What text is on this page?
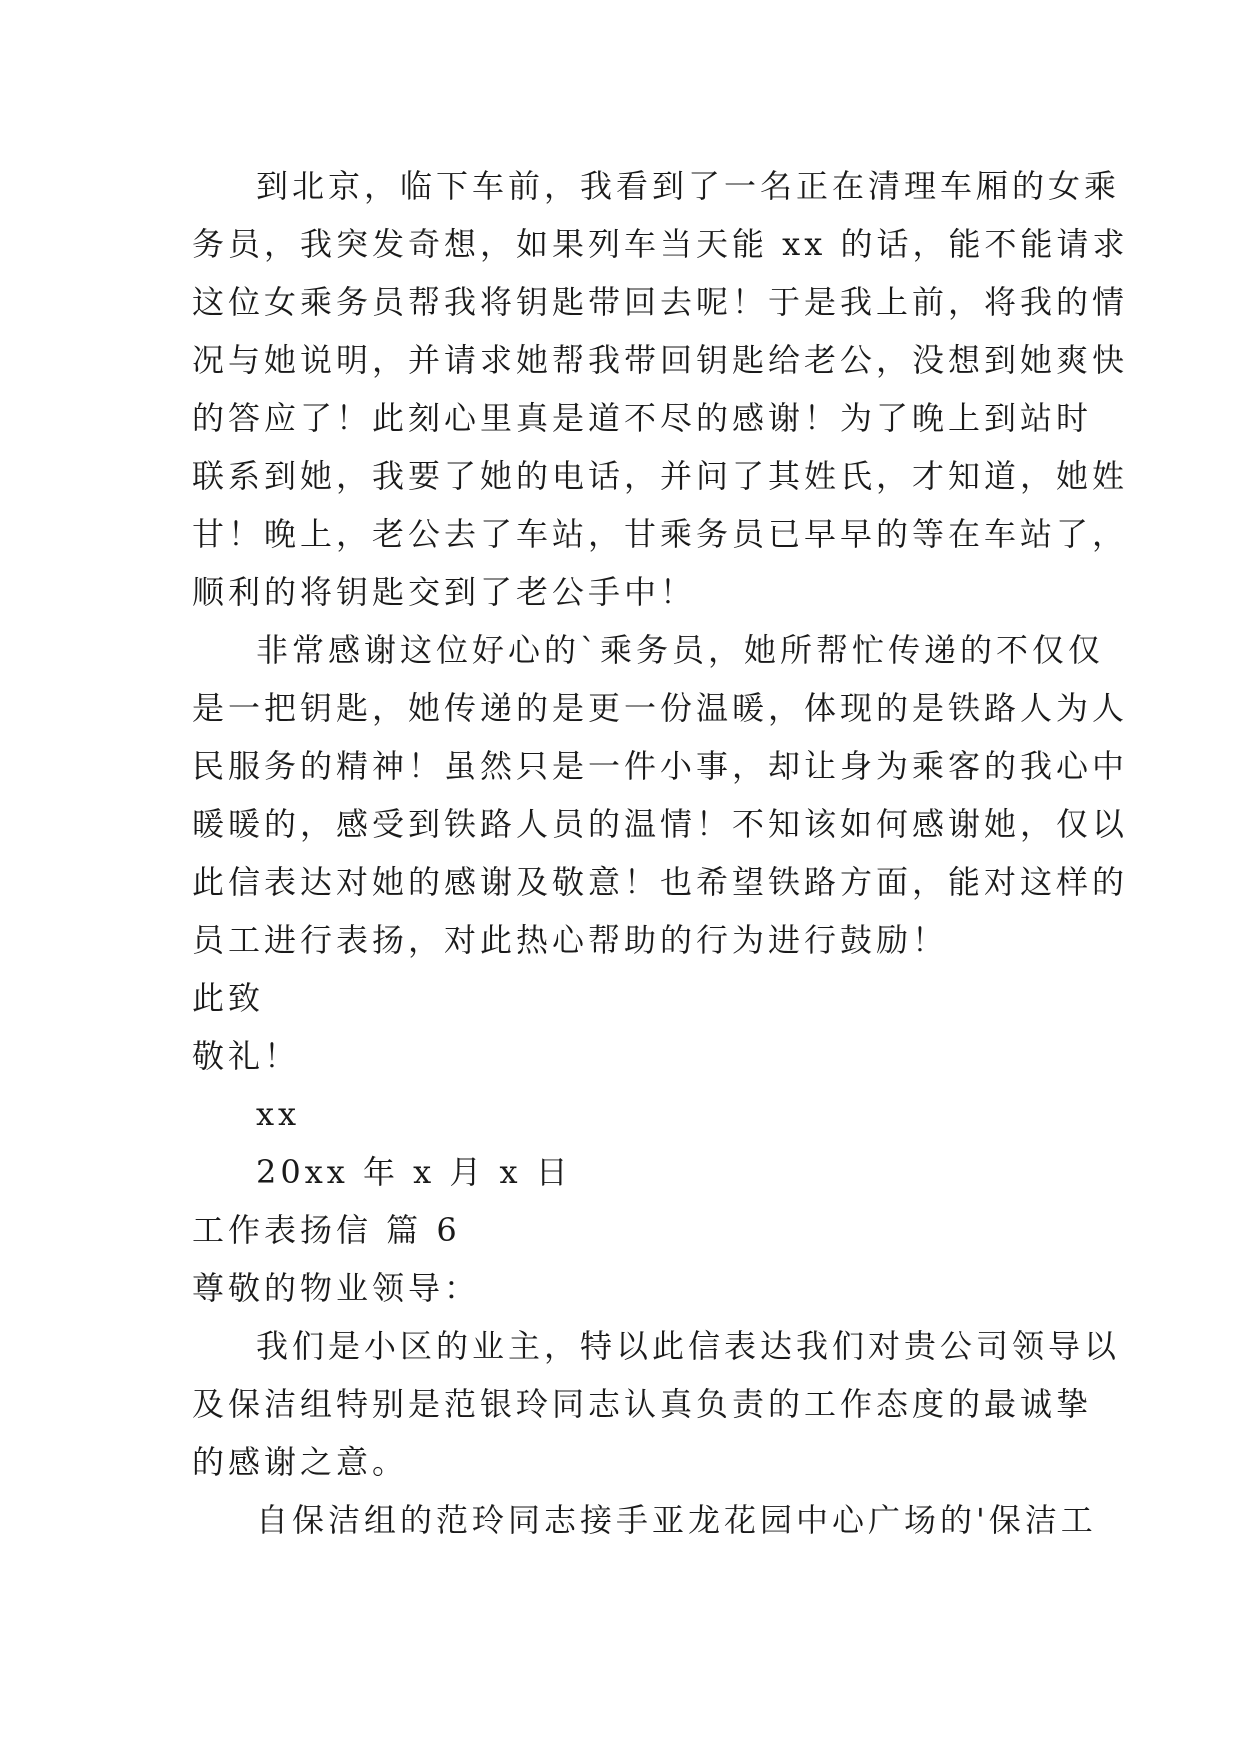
到北京，临下车前，我看到了一名正在清理车厢的女乘
务员，我突发奇想，如果列车当天能 xx 的话，能不能请求
这位女乘务员帮我将钥匙带回去呢！于是我上前，将我的情
况与她说明，并请求她帮我带回钥匙给老公，没想到她爽快
的答应了！此刻心里真是道不尽的感谢！为了晚上到站时
联系到她，我要了她的电话，并问了其姓氏，才知道，她姓
甘！晚上，老公去了车站，甘乘务员已早早的等在车站了，
顺利的将钥匙交到了老公手中！
非常感谢这位好心的`乘务员，她所帮忙传递的不仅仅
是一把钥匙，她传递的是更一份温暖，体现的是铁路人为人
民服务的精神！虽然只是一件小事，却让身为乘客的我心中
暖暖的，感受到铁路人员的温情！不知该如何感谢她，仅以
此信表达对她的感谢及敬意！也希望铁路方面，能对这样的
员工进行表扬，对此热心帮助的行为进行鼓励！
此致
敬礼！
xx
20xx 年 x 月 x 日
工作表扬信 篇 6
尊敬的物业领导：
我们是小区的业主，特以此信表达我们对贵公司领导以
及保洁组特别是范银玲同志认真负责的工作态度的最诚挚
的感谢之意。
自保洁组的范玲同志接手亚龙花园中心广场的'保洁工
